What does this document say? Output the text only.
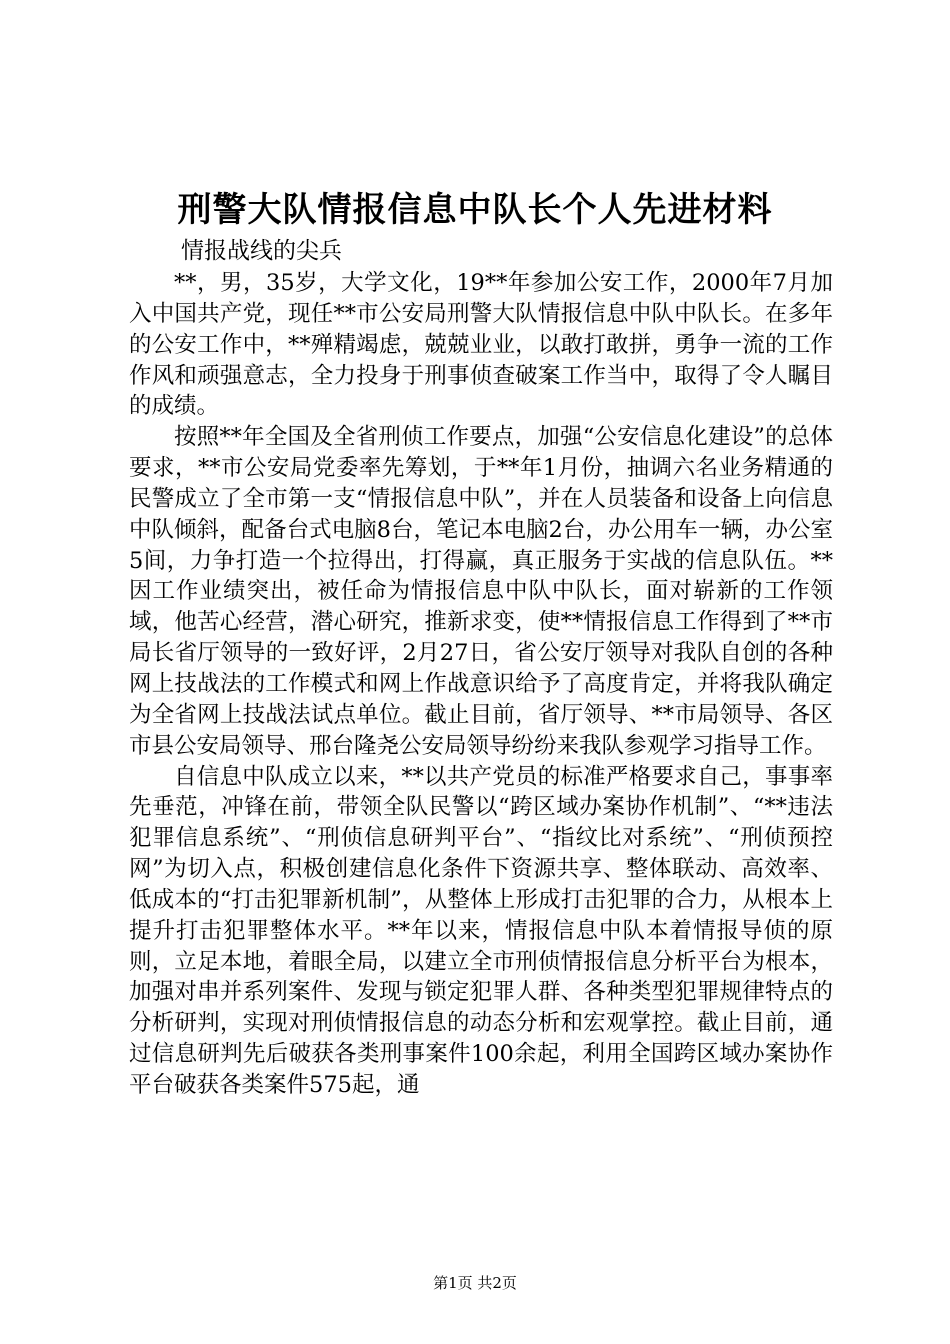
刑警大队情报信息中队长个人先进材料
情报战线的尖兵

**，男，35岁，大学文化，19**年参加公安工作，2000年7月加入中国共产党，现任**市公安局刑警大队情报信息中队中队长。在多年的公安工作中，**殚精竭虑，兢兢业业，以敢打敢拼，勇争一流的工作作风和顽强意志，全力投身于刑事侦查破案工作当中，取得了令人瞩目的成绩。

按照**年全国及全省刑侦工作要点，加强“公安信息化建设”的总体要求，**市公安局党委率先筹划，于**年1月份，抽调六名业务精通的民警成立了全市第一支“情报信息中队”，并在人员装备和设备上向信息中队倾斜，配备台式电脑8台，笔记本电脑2台，办公用车一辆，办公室5间，力争打造一个拉得出，打得赢，真正服务于实战的信息队伍。**因工作业绩突出，被任命为情报信息中队中队长，面对崭新的工作领域，他苦心经营，潜心研究，推新求变，使**情报信息工作得到了**市局长省厅领导的一致好评，2月27日，省公安厅领导对我队自创的各种网上技战法的工作模式和网上作战意识给予了高度肯定，并将我队确定为全省网上技战法试点单位。截止目前，省厅领导、**市局领导、各区市县公安局领导、邢台隆尧公安局领导纷纷来我队参观学习指导工作。

自信息中队成立以来，**以共产党员的标准严格要求自己，事事率先垂范，冲锋在前，带领全队民警以“跨区域办案协作机制”、“**违法犯罪信息系统”、“刑侦信息研判平台”、“指纹比对系统”、“刑侦预控网”为切入点，积极创建信息化条件下资源共享、整体联动、高效率、低成本的“打击犯罪新机制”，从整体上形成打击犯罪的合力，从根本上提升打击犯罪整体水平。**年以来，情报信息中队本着情报导侦的原则，立足本地，着眼全局，以建立全市刑侦情报信息分析平台为根本，加强对串并系列案件、发现与锁定犯罪人群、各种类型犯罪规律特点的分析研判，实现对刑侦情报信息的动态分析和宏观掌控。截止目前，通过信息研判先后破获各类刑事案件100余起，利用全国跨区域办案协作平台破获各类案件575起，通

第1页 共2页
